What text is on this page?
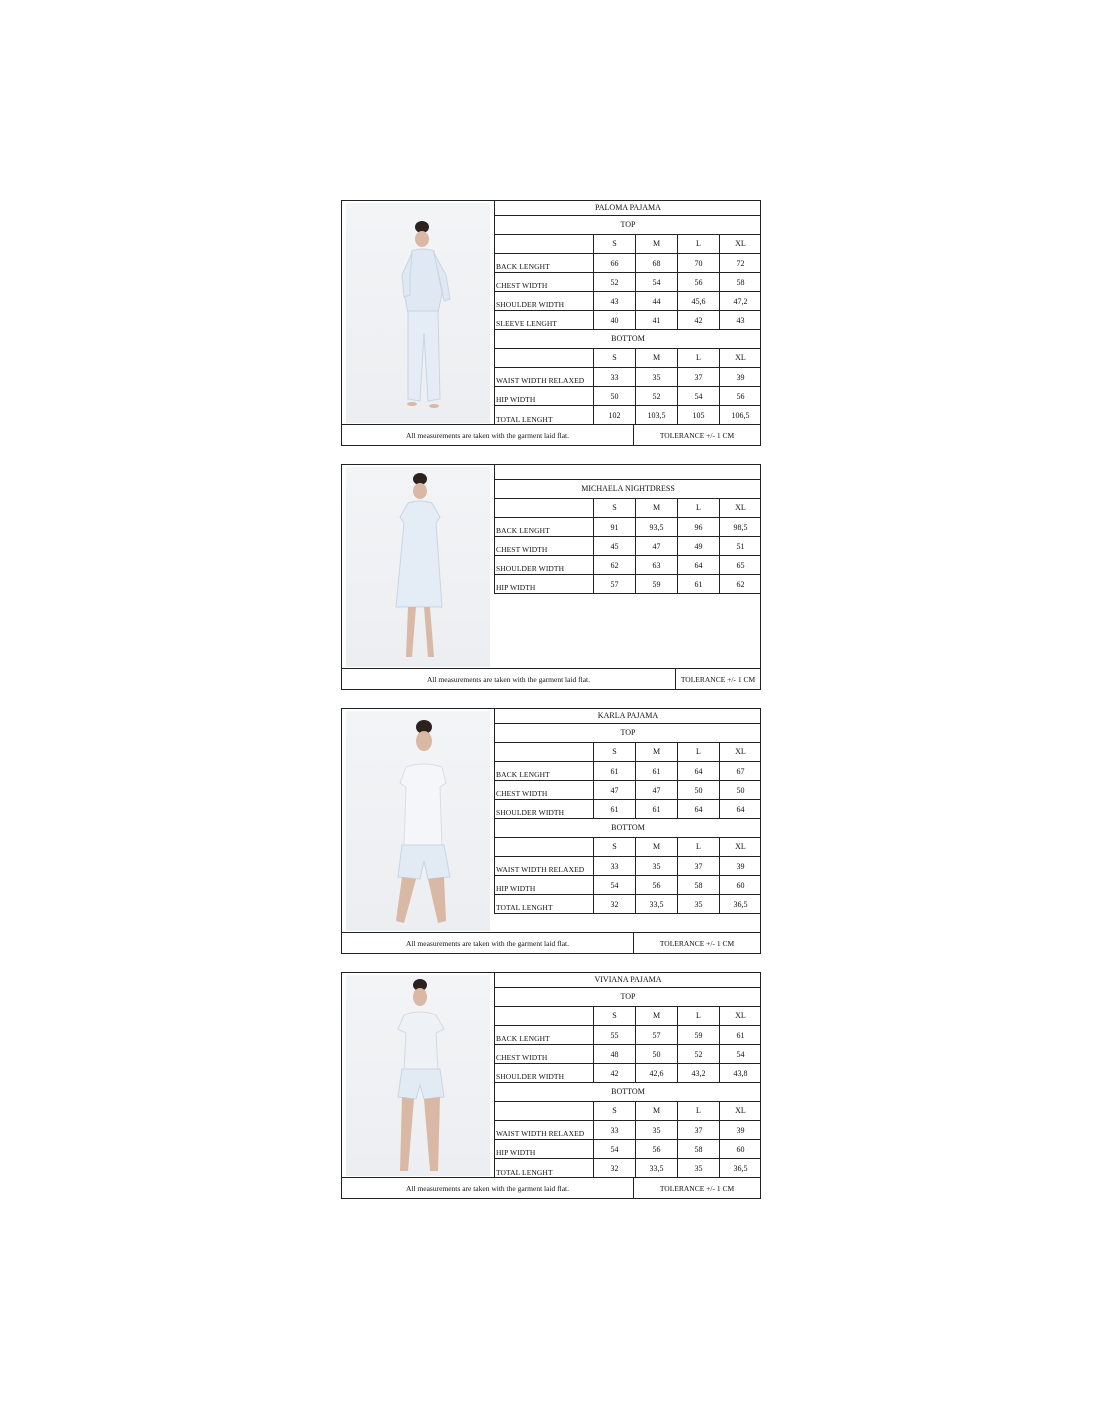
PALOMA PAJAMA
TOP
S	M	L	XL
BACK LENGHT	66	68	70	72
CHEST WIDTH	52	54	56	58
SHOULDER WIDTH	43	44	45,6	47,2
SLEEVE LENGHT	40	41	42	43
BOTTOM
S	M	L	XL
WAIST WIDTH RELAXED	33	35	37	39
HIP WIDTH	50	52	54	56
TOTAL LENGHT	102	103,5	105	106,5
All measurements are taken with the garment laid flat.	TOLERANCE +/- 1 CM
MICHAELA NIGHTDRESS
S	M	L	XL
BACK LENGHT	91	93,5	96	98,5
CHEST WIDTH	45	47	49	51
SHOULDER WIDTH	62	63	64	65
HIP WIDTH	57	59	61	62
All measurements are taken with the garment laid flat.	TOLERANCE +/- 1 CM
KARLA PAJAMA
TOP
S	M	L	XL
BACK LENGHT	61	61	64	67
CHEST WIDTH	47	47	50	50
SHOULDER WIDTH	61	61	64	64
BOTTOM
S	M	L	XL
WAIST WIDTH RELAXED	33	35	37	39
HIP WIDTH	54	56	58	60
TOTAL LENGHT	32	33,5	35	36,5
All measurements are taken with the garment laid flat.	TOLERANCE +/- 1 CM
VIVIANA PAJAMA
TOP
S	M	L	XL
BACK LENGHT	55	57	59	61
CHEST WIDTH	48	50	52	54
SHOULDER WIDTH	42	42,6	43,2	43,8
BOTTOM
S	M	L	XL
WAIST WIDTH RELAXED	33	35	37	39
HIP WIDTH	54	56	58	60
TOTAL LENGHT	32	33,5	35	36,5
All measurements are taken with the garment laid flat.	TOLERANCE +/- 1 CM
